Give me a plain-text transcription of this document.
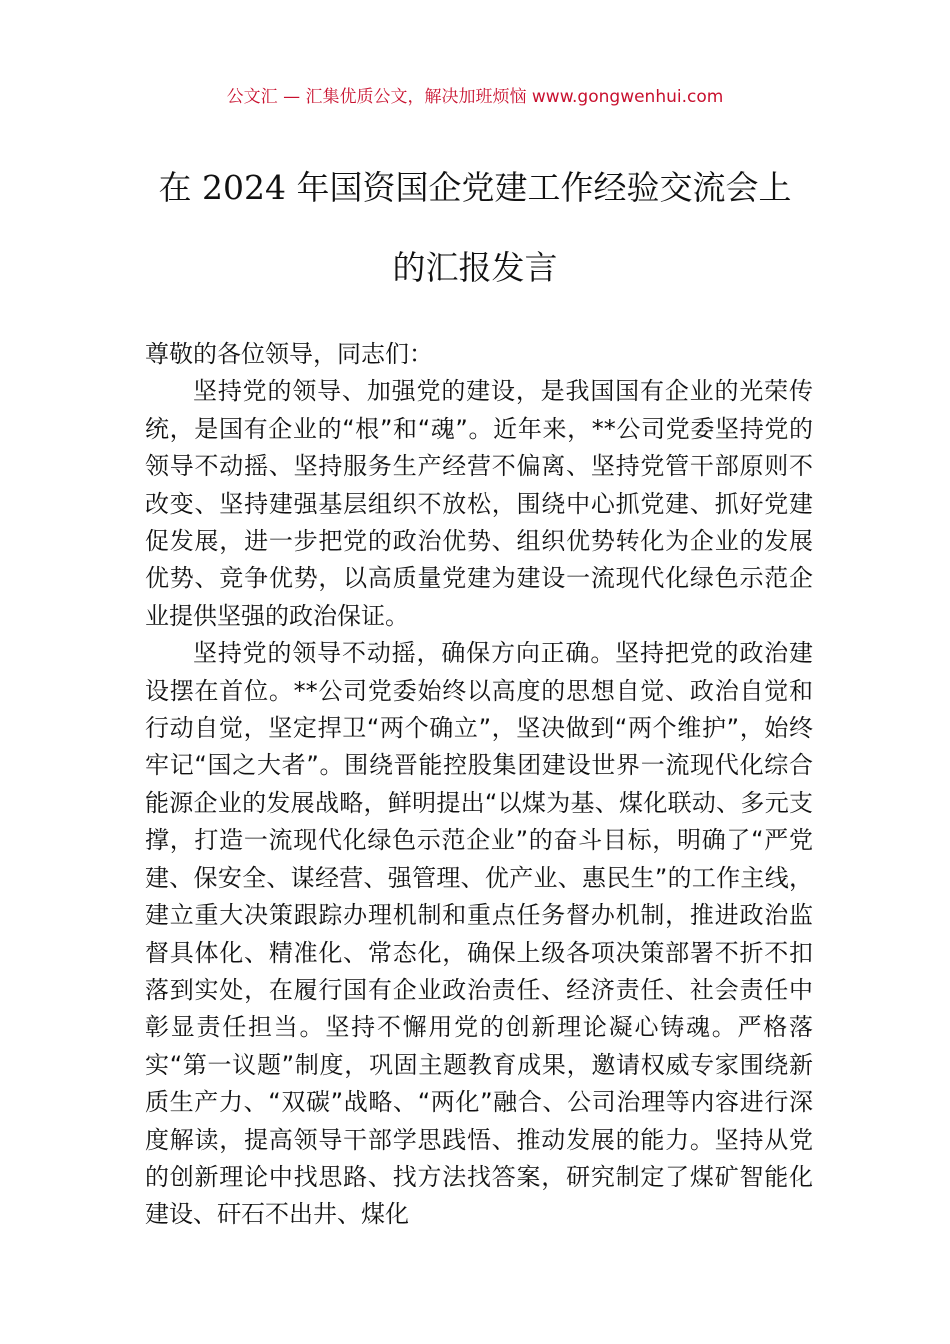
公文汇 — 汇集优质公文，解决加班烦恼 www.gongwenhui.com
在 2024 年国资国企党建工作经验交流会上
的汇报发言

尊敬的各位领导，同志们：

坚持党的领导、加强党的建设，是我国国有企业的光荣传统，是国有企业的“根”和“魂”。近年来，**公司党委坚持党的领导不动摇、坚持服务生产经营不偏离、坚持党管干部原则不改变、坚持建强基层组织不放松，围绕中心抓党建、抓好党建促发展，进一步把党的政治优势、组织优势转化为企业的发展优势、竞争优势，以高质量党建为建设一流现代化绿色示范企业提供坚强的政治保证。

坚持党的领导不动摇，确保方向正确。坚持把党的政治建设摆在首位。**公司党委始终以高度的思想自觉、政治自觉和行动自觉，坚定捍卫“两个确立”，坚决做到“两个维护”，始终牢记“国之大者”。围绕晋能控股集团建设世界一流现代化综合能源企业的发展战略，鲜明提出“以煤为基、煤化联动、多元支撑，打造一流现代化绿色示范企业”的奋斗目标，明确了“严党建、保安全、谋经营、强管理、优产业、惠民生”的工作主线，建立重大决策跟踪办理机制和重点任务督办机制，推进政治监督具体化、精准化、常态化，确保上级各项决策部署不折不扣落到实处，在履行国有企业政治责任、经济责任、社会责任中彰显责任担当。坚持不懈用党的创新理论凝心铸魂。严格落实“第一议题”制度，巩固主题教育成果，邀请权威专家围绕新质生产力、“双碳”战略、“两化”融合、公司治理等内容进行深度解读，提高领导干部学思践悟、推动发展的能力。坚持从党的创新理论中找思路、找方法找答案，研究制定了煤矿智能化建设、矸石不出井、煤化
